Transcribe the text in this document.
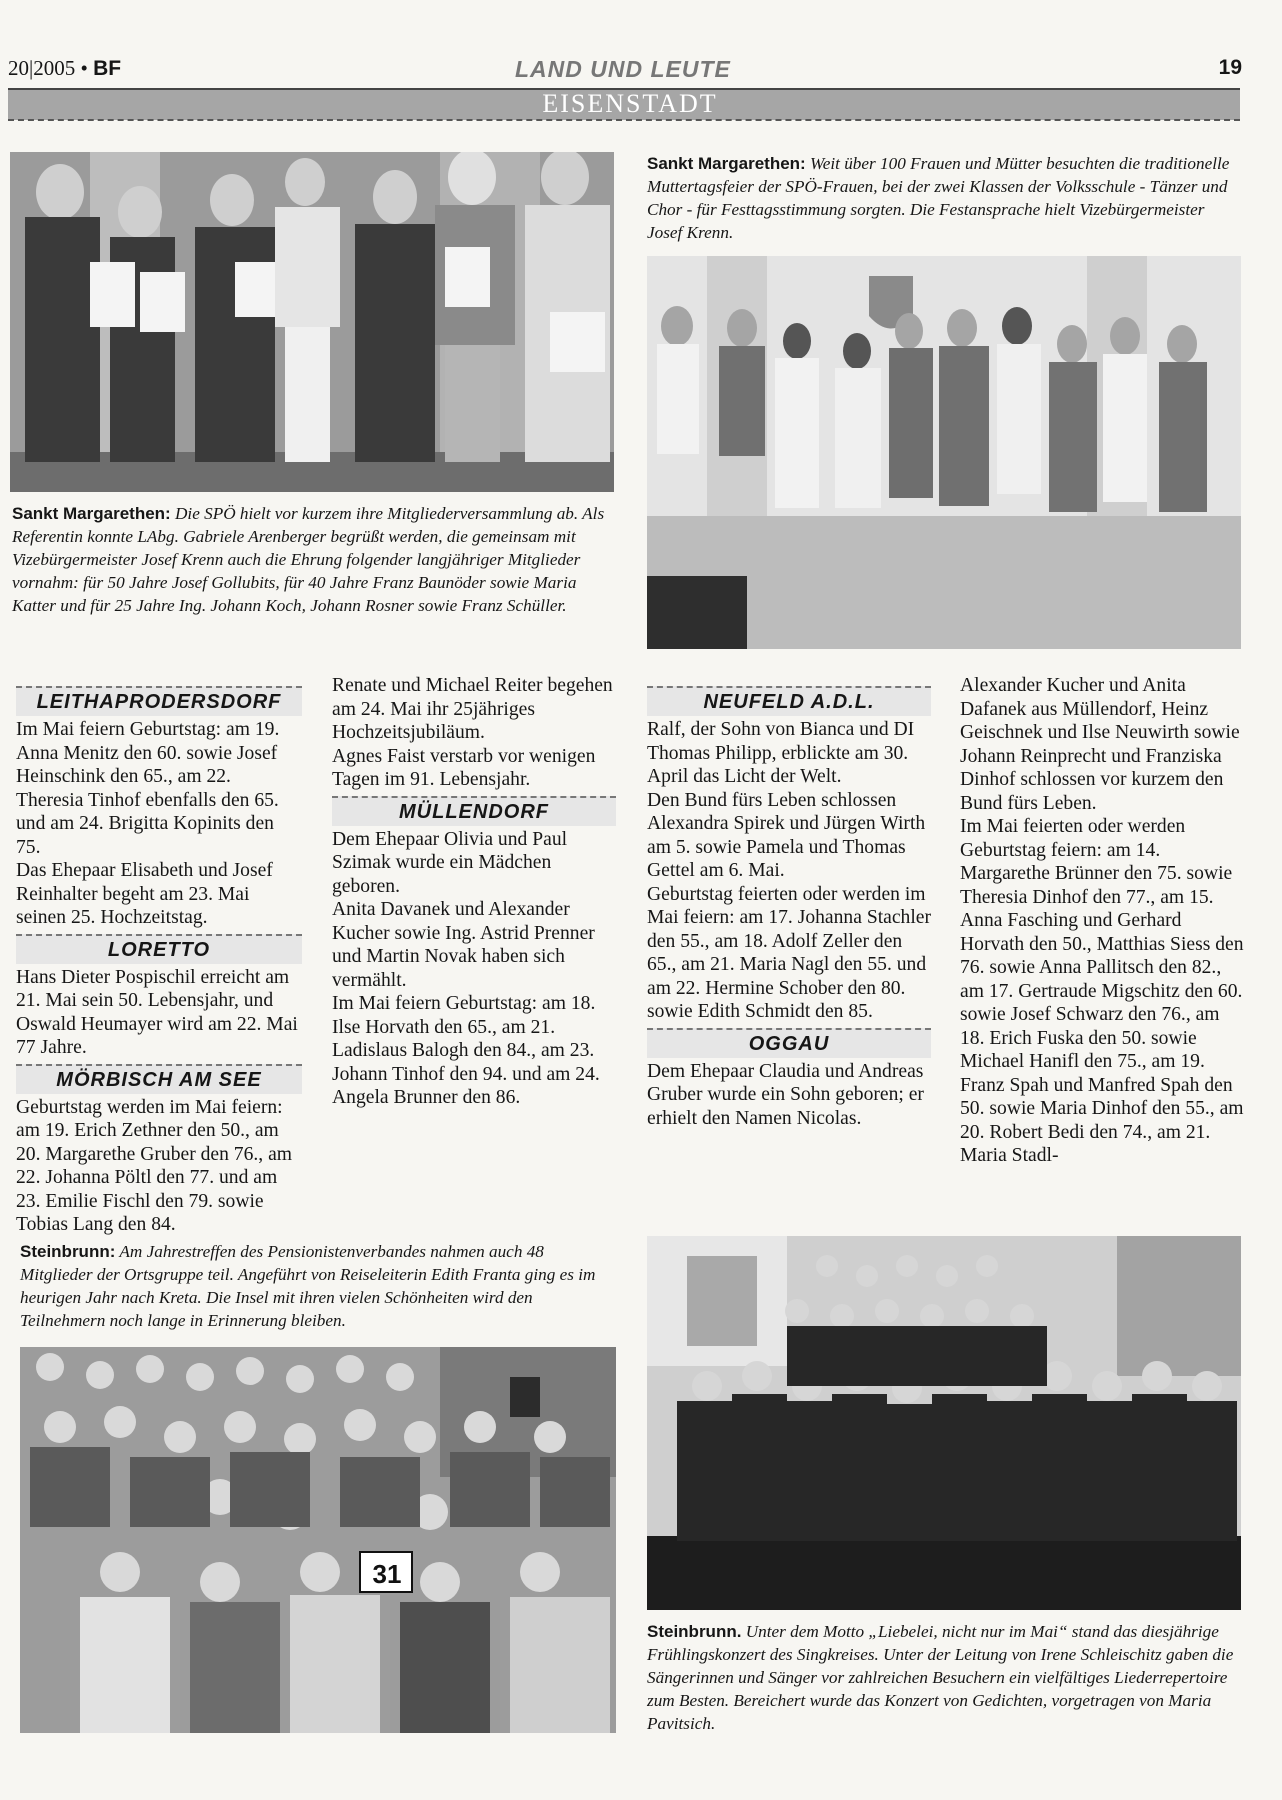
20|2005 • BF	LAND UND LEUTE	19
EISENSTADT
Sankt Margarethen: Weit über 100 Frauen und Mütter besuchten die traditionelle Muttertagsfeier der SPÖ-Frauen, bei der zwei Klassen der Volksschule - Tänzer und Chor - für Festtagsstimmung sorgten. Die Festansprache hielt Vizebürgermeister Josef Krenn.
Sankt Margarethen: Die SPÖ hielt vor kurzem ihre Mitgliederversammlung ab. Als Referentin konnte LAbg. Gabriele Arenberger begrüßt werden, die gemeinsam mit Vizebürgermeister Josef Krenn auch die Ehrung folgender langjähriger Mitglieder vornahm: für 50 Jahre Josef Gollubits, für 40 Jahre Franz Baunöder sowie Maria Katter und für 25 Jahre Ing. Johann Koch, Johann Rosner sowie Franz Schüller.
LEITHAPRODERSDORF

Im Mai feiern Geburtstag: am 19. Anna Menitz den 60. sowie Josef Heinschink den 65., am 22. Theresia Tinhof ebenfalls den 65. und am 24. Brigitta Kopinits den 75.

Das Ehepaar Elisabeth und Josef Reinhalter begeht am 23. Mai seinen 25. Hochzeitstag.

LORETTO

Hans Dieter Pospischil erreicht am 21. Mai sein 50. Lebensjahr, und Oswald Heumayer wird am 22. Mai 77 Jahre.

MÖRBISCH AM SEE

Geburtstag werden im Mai feiern: am 19. Erich Zethner den 50., am 20. Margarethe Gruber den 76., am 22. Johanna Pöltl den 77. und am 23. Emilie Fischl den 79. sowie Tobias Lang den 84.

Renate und Michael Reiter begehen am 24. Mai ihr 25jähriges Hochzeitsjubiläum.

Agnes Faist verstarb vor wenigen Tagen im 91. Lebensjahr.

MÜLLENDORF

Dem Ehepaar Olivia und Paul Szimak wurde ein Mädchen geboren.

Anita Davanek und Alexander Kucher sowie Ing. Astrid Prenner und Martin Novak haben sich vermählt.

Im Mai feiern Geburtstag: am 18. Ilse Horvath den 65., am 21. Ladislaus Balogh den 84., am 23. Johann Tinhof den 94. und am 24. Angela Brunner den 86.

NEUFELD A.D.L.

Ralf, der Sohn von Bianca und DI Thomas Philipp, erblickte am 30. April das Licht der Welt.

Den Bund fürs Leben schlossen Alexandra Spirek und Jürgen Wirth am 5. sowie Pamela und Thomas Gettel am 6. Mai.

Geburtstag feierten oder werden im Mai feiern: am 17. Johanna Stachler den 55., am 18. Adolf Zeller den 65., am 21. Maria Nagl den 55. und am 22. Hermine Schober den 80. sowie Edith Schmidt den 85.

OGGAU

Dem Ehepaar Claudia und Andreas Gruber wurde ein Sohn geboren; er erhielt den Namen Nicolas.

Alexander Kucher und Anita Dafanek aus Müllendorf, Heinz Geischnek und Ilse Neuwirth sowie Johann Reinprecht und Franziska Dinhof schlossen vor kurzem den Bund fürs Leben.

Im Mai feierten oder werden Geburtstag feiern: am 14. Margarethe Brünner den 75. sowie Theresia Dinhof den 77., am 15. Anna Fasching und Gerhard Horvath den 50., Matthias Siess den 76. sowie Anna Pallitsch den 82., am 17. Gertraude Migschitz den 60. sowie Josef Schwarz den 76., am 18. Erich Fuska den 50. sowie Michael Hanifl den 75., am 19. Franz Spah und Manfred Spah den 50. sowie Maria Dinhof den 55., am 20. Robert Bedi den 74., am 21. Maria Stadl-

Steinbrunn: Am Jahrestreffen des Pensionistenverbandes nahmen auch 48 Mitglieder der Ortsgruppe teil. Angeführt von Reiseleiterin Edith Franta ging es im heurigen Jahr nach Kreta. Die Insel mit ihren vielen Schönheiten wird den Teilnehmern noch lange in Erinnerung bleiben.
31
Steinbrunn. Unter dem Motto „Liebelei, nicht nur im Mai“ stand das diesjährige Frühlingskonzert des Singkreises. Unter der Leitung von Irene Schleischitz gaben die Sängerinnen und Sänger vor zahlreichen Besuchern ein vielfältiges Liederrepertoire zum Besten. Bereichert wurde das Konzert von Gedichten, vorgetragen von Maria Pavitsich.
